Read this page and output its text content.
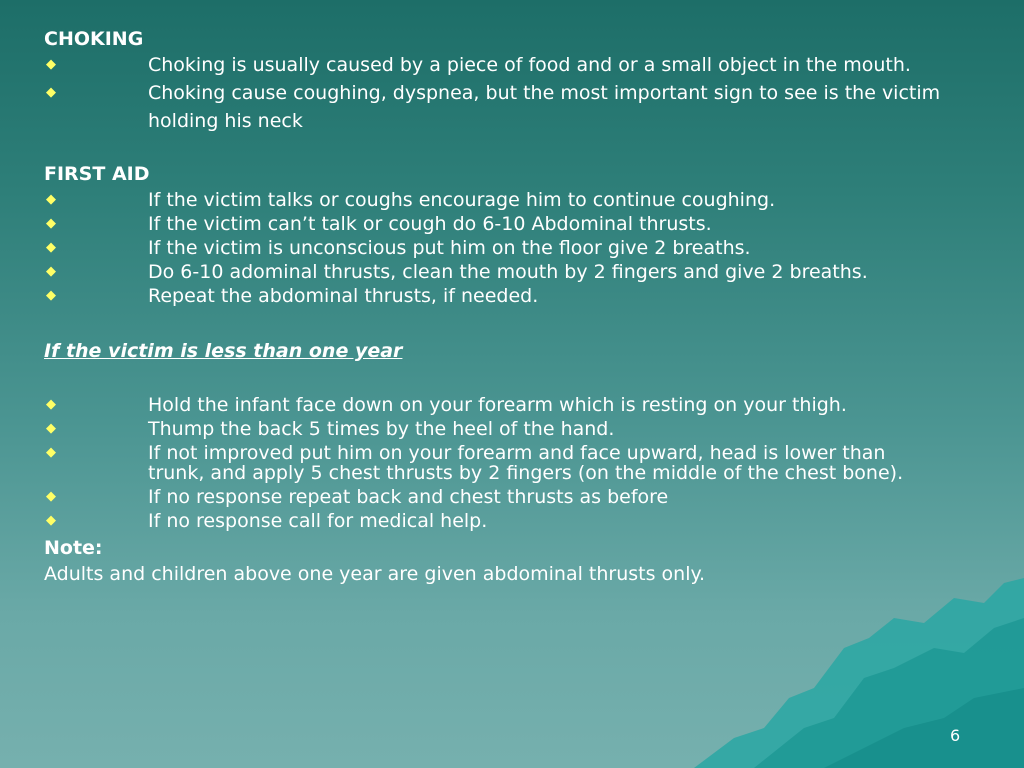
CHOKING
◆	Choking is usually caused by a piece of food and or a small object in the mouth.
◆	Choking cause coughing, dyspnea, but the most important sign to see is the victim holding his neck
FIRST AID
◆	If the victim talks or coughs encourage him to continue coughing.
◆	If the victim can’t talk or cough do 6-10 Abdominal thrusts.
◆	If the victim is unconscious put him on the floor give 2 breaths.
◆	Do 6-10 adominal thrusts, clean the mouth by 2 fingers and give 2 breaths.
◆	Repeat the abdominal thrusts, if needed.
If the victim is less than one year
◆	Hold the infant face down on your forearm which is resting on your thigh.
◆	Thump the back 5 times by the heel of the hand.
◆	If not improved put him on your forearm and face upward, head is lower than trunk, and apply 5 chest thrusts by 2 fingers (on the middle of the chest bone).
◆	If no response repeat back and chest thrusts as before
◆	If no response call for medical help.
Note:
Adults and children above one year are given abdominal thrusts only.
6
